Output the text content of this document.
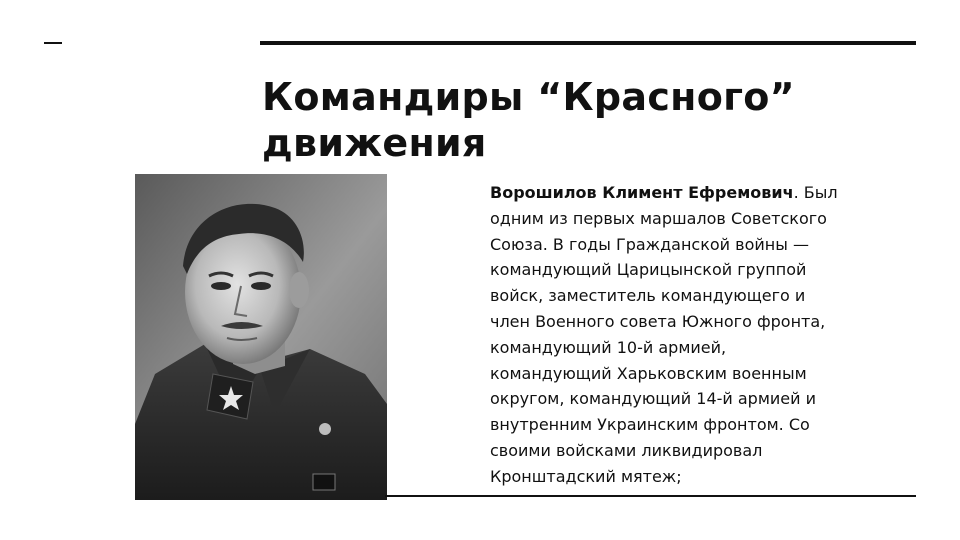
Командиры “Красного” движения
Ворошилов Климент Ефремович. Был
одним из первых маршалов Советского
Союза. В годы Гражданской войны —
командующий Царицынской группой
войск, заместитель командующего и
член Военного совета Южного фронта,
командующий 10-й армией,
командующий Харьковским военным
округом, командующий 14-й армией и
внутренним Украинским фронтом. Со
своими войсками ликвидировал
Кронштадский мятеж;
